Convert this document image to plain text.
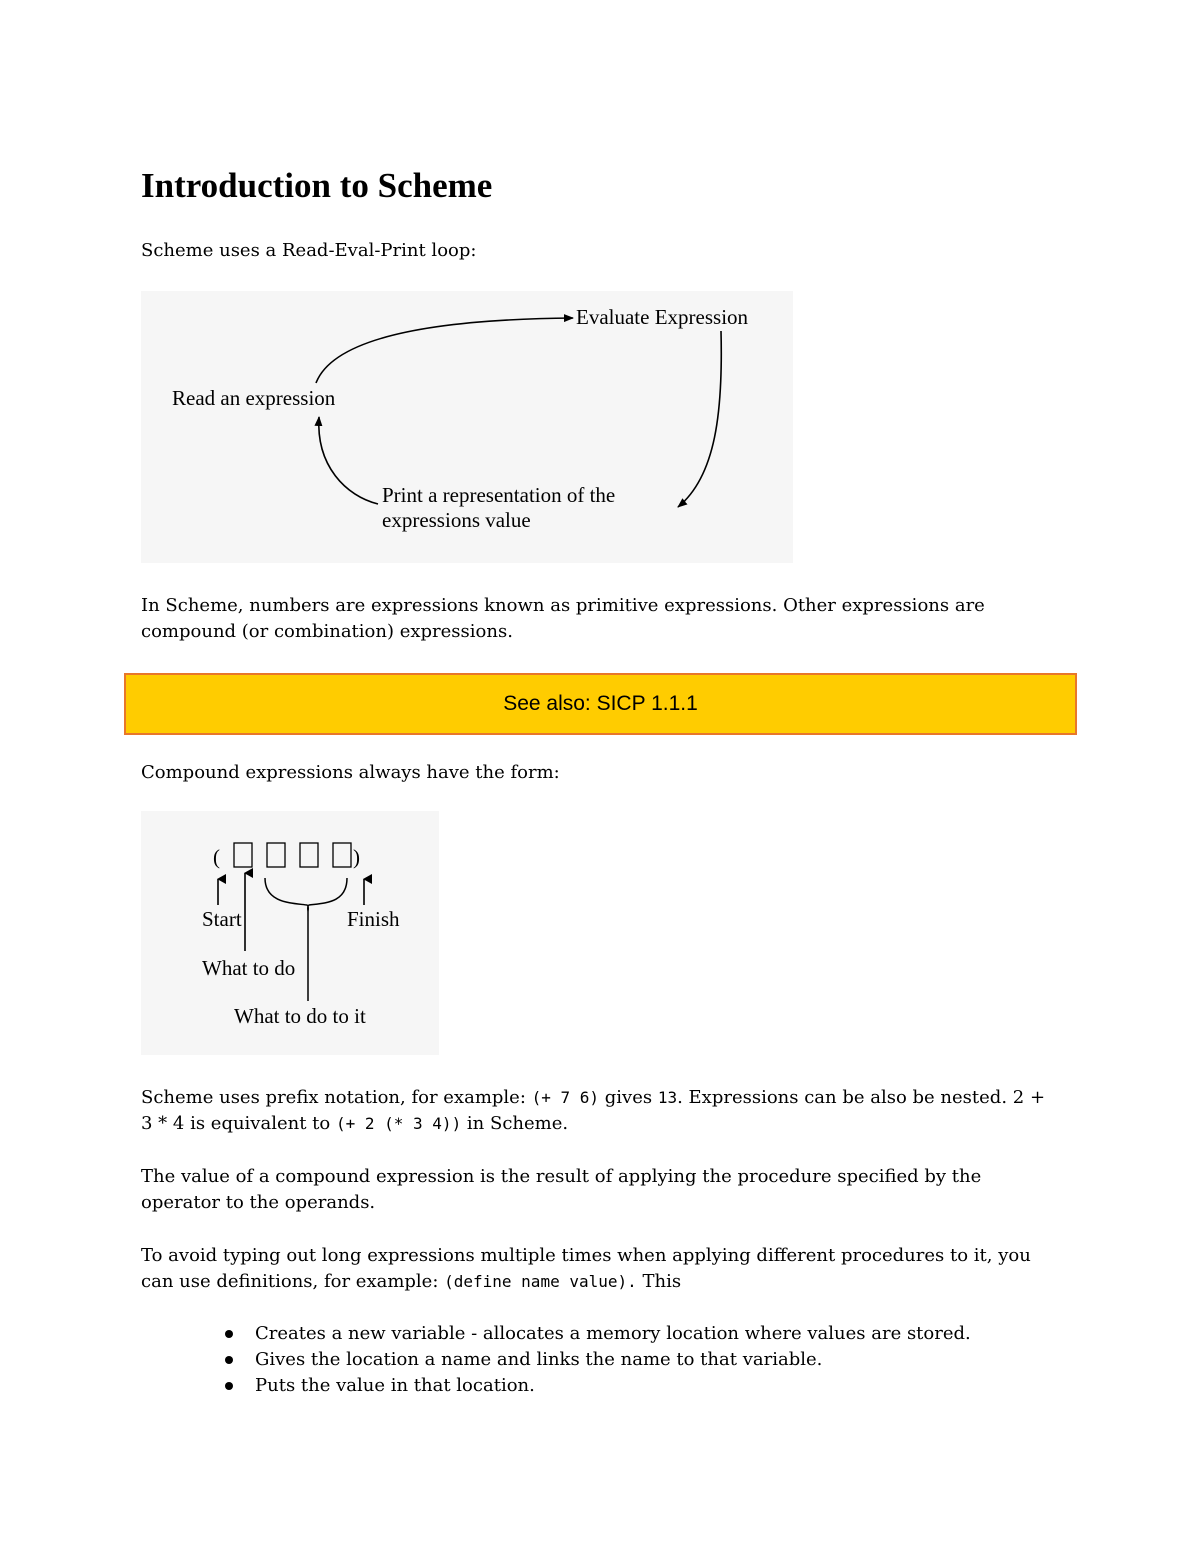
Introduction to Scheme

Scheme uses a Read-Eval-Print loop:

Evaluate Expression
Read an expression
Print a representation of the
expressions value

In Scheme, numbers are expressions known as primitive expressions. Other expressions are compound (or combination) expressions.

See also: SICP 1.1.1

Compound expressions always have the form:

(	)
Start	Finish
What to do
What to do to it

Scheme uses prefix notation, for example: (+ 7 6) gives 13. Expressions can be also be nested. 2 + 3 * 4 is equivalent to (+ 2 (* 3 4)) in Scheme.

The value of a compound expression is the result of applying the procedure specified by the operator to the operands.

To avoid typing out long expressions multiple times when applying different procedures to it, you can use definitions, for example: (define name value). This

Creates a new variable - allocates a memory location where values are stored.
Gives the location a name and links the name to that variable.
Puts the value in that location.
